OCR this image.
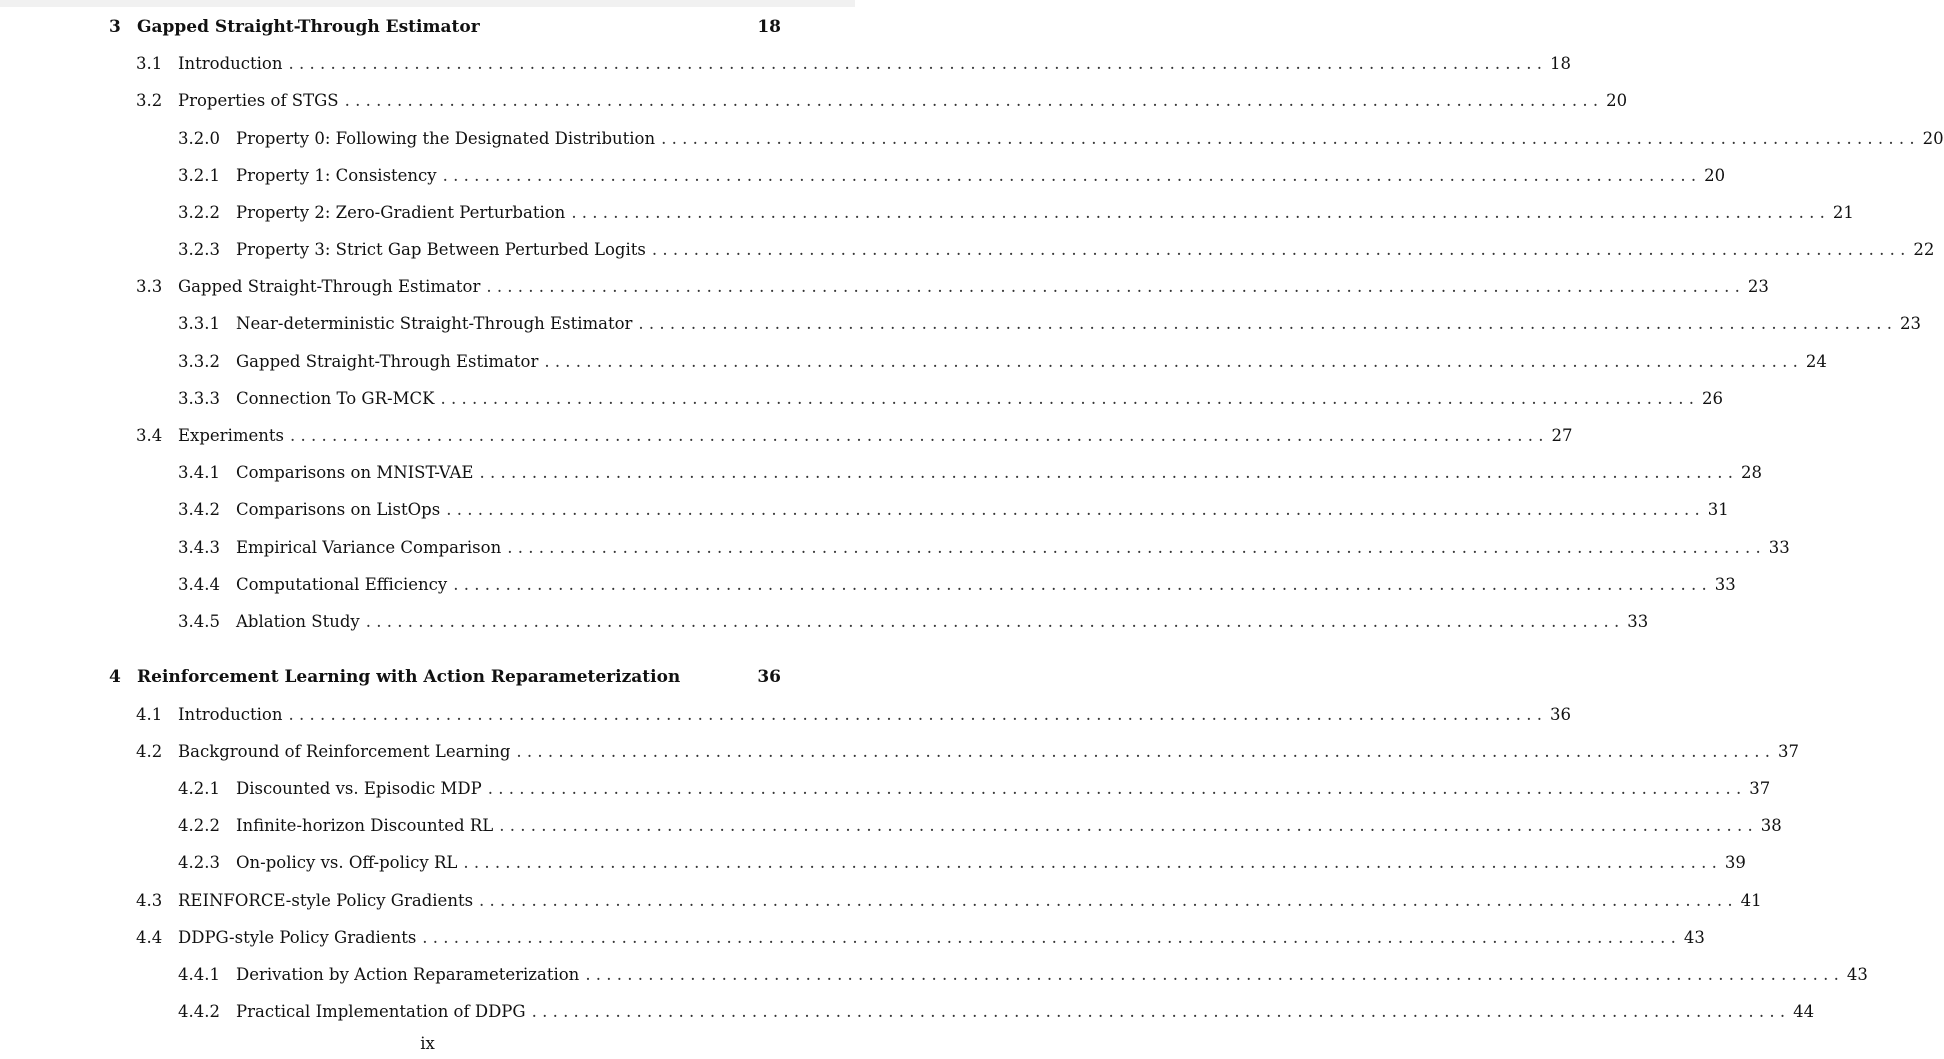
3 Gapped Straight-Through Estimator	18
3.1 Introduction . . . . . . . . . . . . . . . . . . . . . . . . . . . . . . . . . . . . . . . . . . . . . . . . . . . . . . . . . . . . . . . . . . . . . . . . . . . . . . . . . . . . . . . . . . . . . . . . . . . . . . . . . . . . . . . . . . . . . . . . 18
3.2 Properties of STGS . . . . . . . . . . . . . . . . . . . . . . . . . . . . . . . . . . . . . . . . . . . . . . . . . . . . . . . . . . . . . . . . . . . . . . . . . . . . . . . . . . . . . . . . . . . . . . . . . . . . . . . . . . . . . . . . . . . . . . . . 20
3.2.0 Property 0: Following the Designated Distribution . . . . . . . . . . . . . . . . . . . . . . . . . . . . . . . . . . . . . . . . . . . . . . . . . . . . . . . . . . . . . . . . . . . . . . . . . . . . . . . . . . . . . . . . . . . . . . . . . . . . . . . . . . . . . . . . . . . . . . . . 20
3.2.1 Property 1: Consistency . . . . . . . . . . . . . . . . . . . . . . . . . . . . . . . . . . . . . . . . . . . . . . . . . . . . . . . . . . . . . . . . . . . . . . . . . . . . . . . . . . . . . . . . . . . . . . . . . . . . . . . . . . . . . . . . . . . . . . . . 20
3.2.2 Property 2: Zero-Gradient Perturbation . . . . . . . . . . . . . . . . . . . . . . . . . . . . . . . . . . . . . . . . . . . . . . . . . . . . . . . . . . . . . . . . . . . . . . . . . . . . . . . . . . . . . . . . . . . . . . . . . . . . . . . . . . . . . . . . . . . . . . . . 21
3.2.3 Property 3: Strict Gap Between Perturbed Logits . . . . . . . . . . . . . . . . . . . . . . . . . . . . . . . . . . . . . . . . . . . . . . . . . . . . . . . . . . . . . . . . . . . . . . . . . . . . . . . . . . . . . . . . . . . . . . . . . . . . . . . . . . . . . . . . . . . . . . . . 22
3.3 Gapped Straight-Through Estimator . . . . . . . . . . . . . . . . . . . . . . . . . . . . . . . . . . . . . . . . . . . . . . . . . . . . . . . . . . . . . . . . . . . . . . . . . . . . . . . . . . . . . . . . . . . . . . . . . . . . . . . . . . . . . . . . . . . . . . . . 23
3.3.1 Near-deterministic Straight-Through Estimator . . . . . . . . . . . . . . . . . . . . . . . . . . . . . . . . . . . . . . . . . . . . . . . . . . . . . . . . . . . . . . . . . . . . . . . . . . . . . . . . . . . . . . . . . . . . . . . . . . . . . . . . . . . . . . . . . . . . . . . . 23
3.3.2 Gapped Straight-Through Estimator . . . . . . . . . . . . . . . . . . . . . . . . . . . . . . . . . . . . . . . . . . . . . . . . . . . . . . . . . . . . . . . . . . . . . . . . . . . . . . . . . . . . . . . . . . . . . . . . . . . . . . . . . . . . . . . . . . . . . . . . 24
3.3.3 Connection To GR-MCK . . . . . . . . . . . . . . . . . . . . . . . . . . . . . . . . . . . . . . . . . . . . . . . . . . . . . . . . . . . . . . . . . . . . . . . . . . . . . . . . . . . . . . . . . . . . . . . . . . . . . . . . . . . . . . . . . . . . . . . . 26
3.4 Experiments . . . . . . . . . . . . . . . . . . . . . . . . . . . . . . . . . . . . . . . . . . . . . . . . . . . . . . . . . . . . . . . . . . . . . . . . . . . . . . . . . . . . . . . . . . . . . . . . . . . . . . . . . . . . . . . . . . . . . . . . 27
3.4.1 Comparisons on MNIST-VAE . . . . . . . . . . . . . . . . . . . . . . . . . . . . . . . . . . . . . . . . . . . . . . . . . . . . . . . . . . . . . . . . . . . . . . . . . . . . . . . . . . . . . . . . . . . . . . . . . . . . . . . . . . . . . . . . . . . . . . . . 28
3.4.2 Comparisons on ListOps . . . . . . . . . . . . . . . . . . . . . . . . . . . . . . . . . . . . . . . . . . . . . . . . . . . . . . . . . . . . . . . . . . . . . . . . . . . . . . . . . . . . . . . . . . . . . . . . . . . . . . . . . . . . . . . . . . . . . . . . 31
3.4.3 Empirical Variance Comparison . . . . . . . . . . . . . . . . . . . . . . . . . . . . . . . . . . . . . . . . . . . . . . . . . . . . . . . . . . . . . . . . . . . . . . . . . . . . . . . . . . . . . . . . . . . . . . . . . . . . . . . . . . . . . . . . . . . . . . . . 33
3.4.4 Computational Efficiency . . . . . . . . . . . . . . . . . . . . . . . . . . . . . . . . . . . . . . . . . . . . . . . . . . . . . . . . . . . . . . . . . . . . . . . . . . . . . . . . . . . . . . . . . . . . . . . . . . . . . . . . . . . . . . . . . . . . . . . . 33
3.4.5 Ablation Study . . . . . . . . . . . . . . . . . . . . . . . . . . . . . . . . . . . . . . . . . . . . . . . . . . . . . . . . . . . . . . . . . . . . . . . . . . . . . . . . . . . . . . . . . . . . . . . . . . . . . . . . . . . . . . . . . . . . . . . . 33
4 Reinforcement Learning with Action Reparameterization	36
4.1 Introduction . . . . . . . . . . . . . . . . . . . . . . . . . . . . . . . . . . . . . . . . . . . . . . . . . . . . . . . . . . . . . . . . . . . . . . . . . . . . . . . . . . . . . . . . . . . . . . . . . . . . . . . . . . . . . . . . . . . . . . . . 36
4.2 Background of Reinforcement Learning . . . . . . . . . . . . . . . . . . . . . . . . . . . . . . . . . . . . . . . . . . . . . . . . . . . . . . . . . . . . . . . . . . . . . . . . . . . . . . . . . . . . . . . . . . . . . . . . . . . . . . . . . . . . . . . . . . . . . . . . 37
4.2.1 Discounted vs. Episodic MDP . . . . . . . . . . . . . . . . . . . . . . . . . . . . . . . . . . . . . . . . . . . . . . . . . . . . . . . . . . . . . . . . . . . . . . . . . . . . . . . . . . . . . . . . . . . . . . . . . . . . . . . . . . . . . . . . . . . . . . . . 37
4.2.2 Infinite-horizon Discounted RL . . . . . . . . . . . . . . . . . . . . . . . . . . . . . . . . . . . . . . . . . . . . . . . . . . . . . . . . . . . . . . . . . . . . . . . . . . . . . . . . . . . . . . . . . . . . . . . . . . . . . . . . . . . . . . . . . . . . . . . . 38
4.2.3 On-policy vs. Off-policy RL . . . . . . . . . . . . . . . . . . . . . . . . . . . . . . . . . . . . . . . . . . . . . . . . . . . . . . . . . . . . . . . . . . . . . . . . . . . . . . . . . . . . . . . . . . . . . . . . . . . . . . . . . . . . . . . . . . . . . . . . 39
4.3 REINFORCE-style Policy Gradients . . . . . . . . . . . . . . . . . . . . . . . . . . . . . . . . . . . . . . . . . . . . . . . . . . . . . . . . . . . . . . . . . . . . . . . . . . . . . . . . . . . . . . . . . . . . . . . . . . . . . . . . . . . . . . . . . . . . . . . . 41
4.4 DDPG-style Policy Gradients . . . . . . . . . . . . . . . . . . . . . . . . . . . . . . . . . . . . . . . . . . . . . . . . . . . . . . . . . . . . . . . . . . . . . . . . . . . . . . . . . . . . . . . . . . . . . . . . . . . . . . . . . . . . . . . . . . . . . . . . 43
4.4.1 Derivation by Action Reparameterization . . . . . . . . . . . . . . . . . . . . . . . . . . . . . . . . . . . . . . . . . . . . . . . . . . . . . . . . . . . . . . . . . . . . . . . . . . . . . . . . . . . . . . . . . . . . . . . . . . . . . . . . . . . . . . . . . . . . . . . . 43
4.4.2 Practical Implementation of DDPG . . . . . . . . . . . . . . . . . . . . . . . . . . . . . . . . . . . . . . . . . . . . . . . . . . . . . . . . . . . . . . . . . . . . . . . . . . . . . . . . . . . . . . . . . . . . . . . . . . . . . . . . . . . . . . . . . . . . . . . . 44
ix
